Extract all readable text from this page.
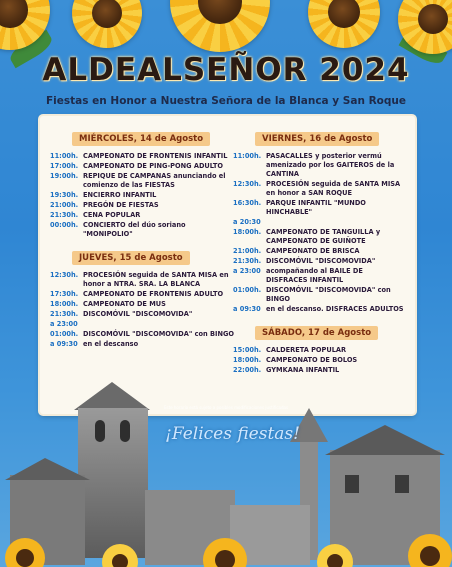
ALDEALSEÑOR 2024
Fiestas en Honor a Nuestra Señora de la Blanca y San Roque
MIÉRCOLES, 14 de Agosto
11:00h. CAMPEONATO DE FRONTENIS INFANTIL
17:00h. CAMPEONATO DE PING-PONG ADULTO
19:00h. REPIQUE DE CAMPANAS anunciando el comienzo de las FIESTAS
19:30h. ENCIERRO INFANTIL
21:00h. PREGÓN DE FIESTAS
21:30h. CENA POPULAR
00:00h. CONCIERTO del dúo soriano "MONIPOLIO"
JUEVES, 15 de Agosto
12:30h. PROCESIÓN seguida de SANTA MISA en honor a NTRA. SRA. LA BLANCA
17:30h. CAMPEONATO DE FRONTENIS ADULTO
18:00h. CAMPEONATO DE MUS
21:30h. DISCOMÓVIL "DISCOMOVIDA"
a 23:00
01:00h. DISCOMÓVIL "DISCOMOVIDA" con BINGO
a 09:30 en el descanso
VIERNES, 16 de Agosto
11:00h. PASACALLES y posterior vermú amenizado por los GAITEROS de la CANTINA
12:30h. PROCESIÓN seguida de SANTA MISA en honor a SAN ROQUE
16:30h. PARQUE INFANTIL "MUNDO HINCHABLE"
a 20:30
18:00h. CAMPEONATO DE TANGUILLA y CAMPEONATO DE GUIÑOTE
21:00h. CAMPEONATO DE BRISCA
21:30h. DISCOMÓVIL "DISCOMOVIDA"
a 23:00 acompañando al BAILE DE DISFRACES INFANTIL
01:00h. DISCOMÓVIL "DISCOMOVIDA" con BINGO
a 09:30 en el descanso. DISFRACES ADULTOS
SÁBADO, 17 de Agosto
15:00h. CALDERETA POPULAR
18:00h. CAMPEONATO DE BOLOS
22:00h. GYMKANA INFANTIL
Este horario está sujeto a posibles modificaciones justificadas
¡Felices fiestas!
